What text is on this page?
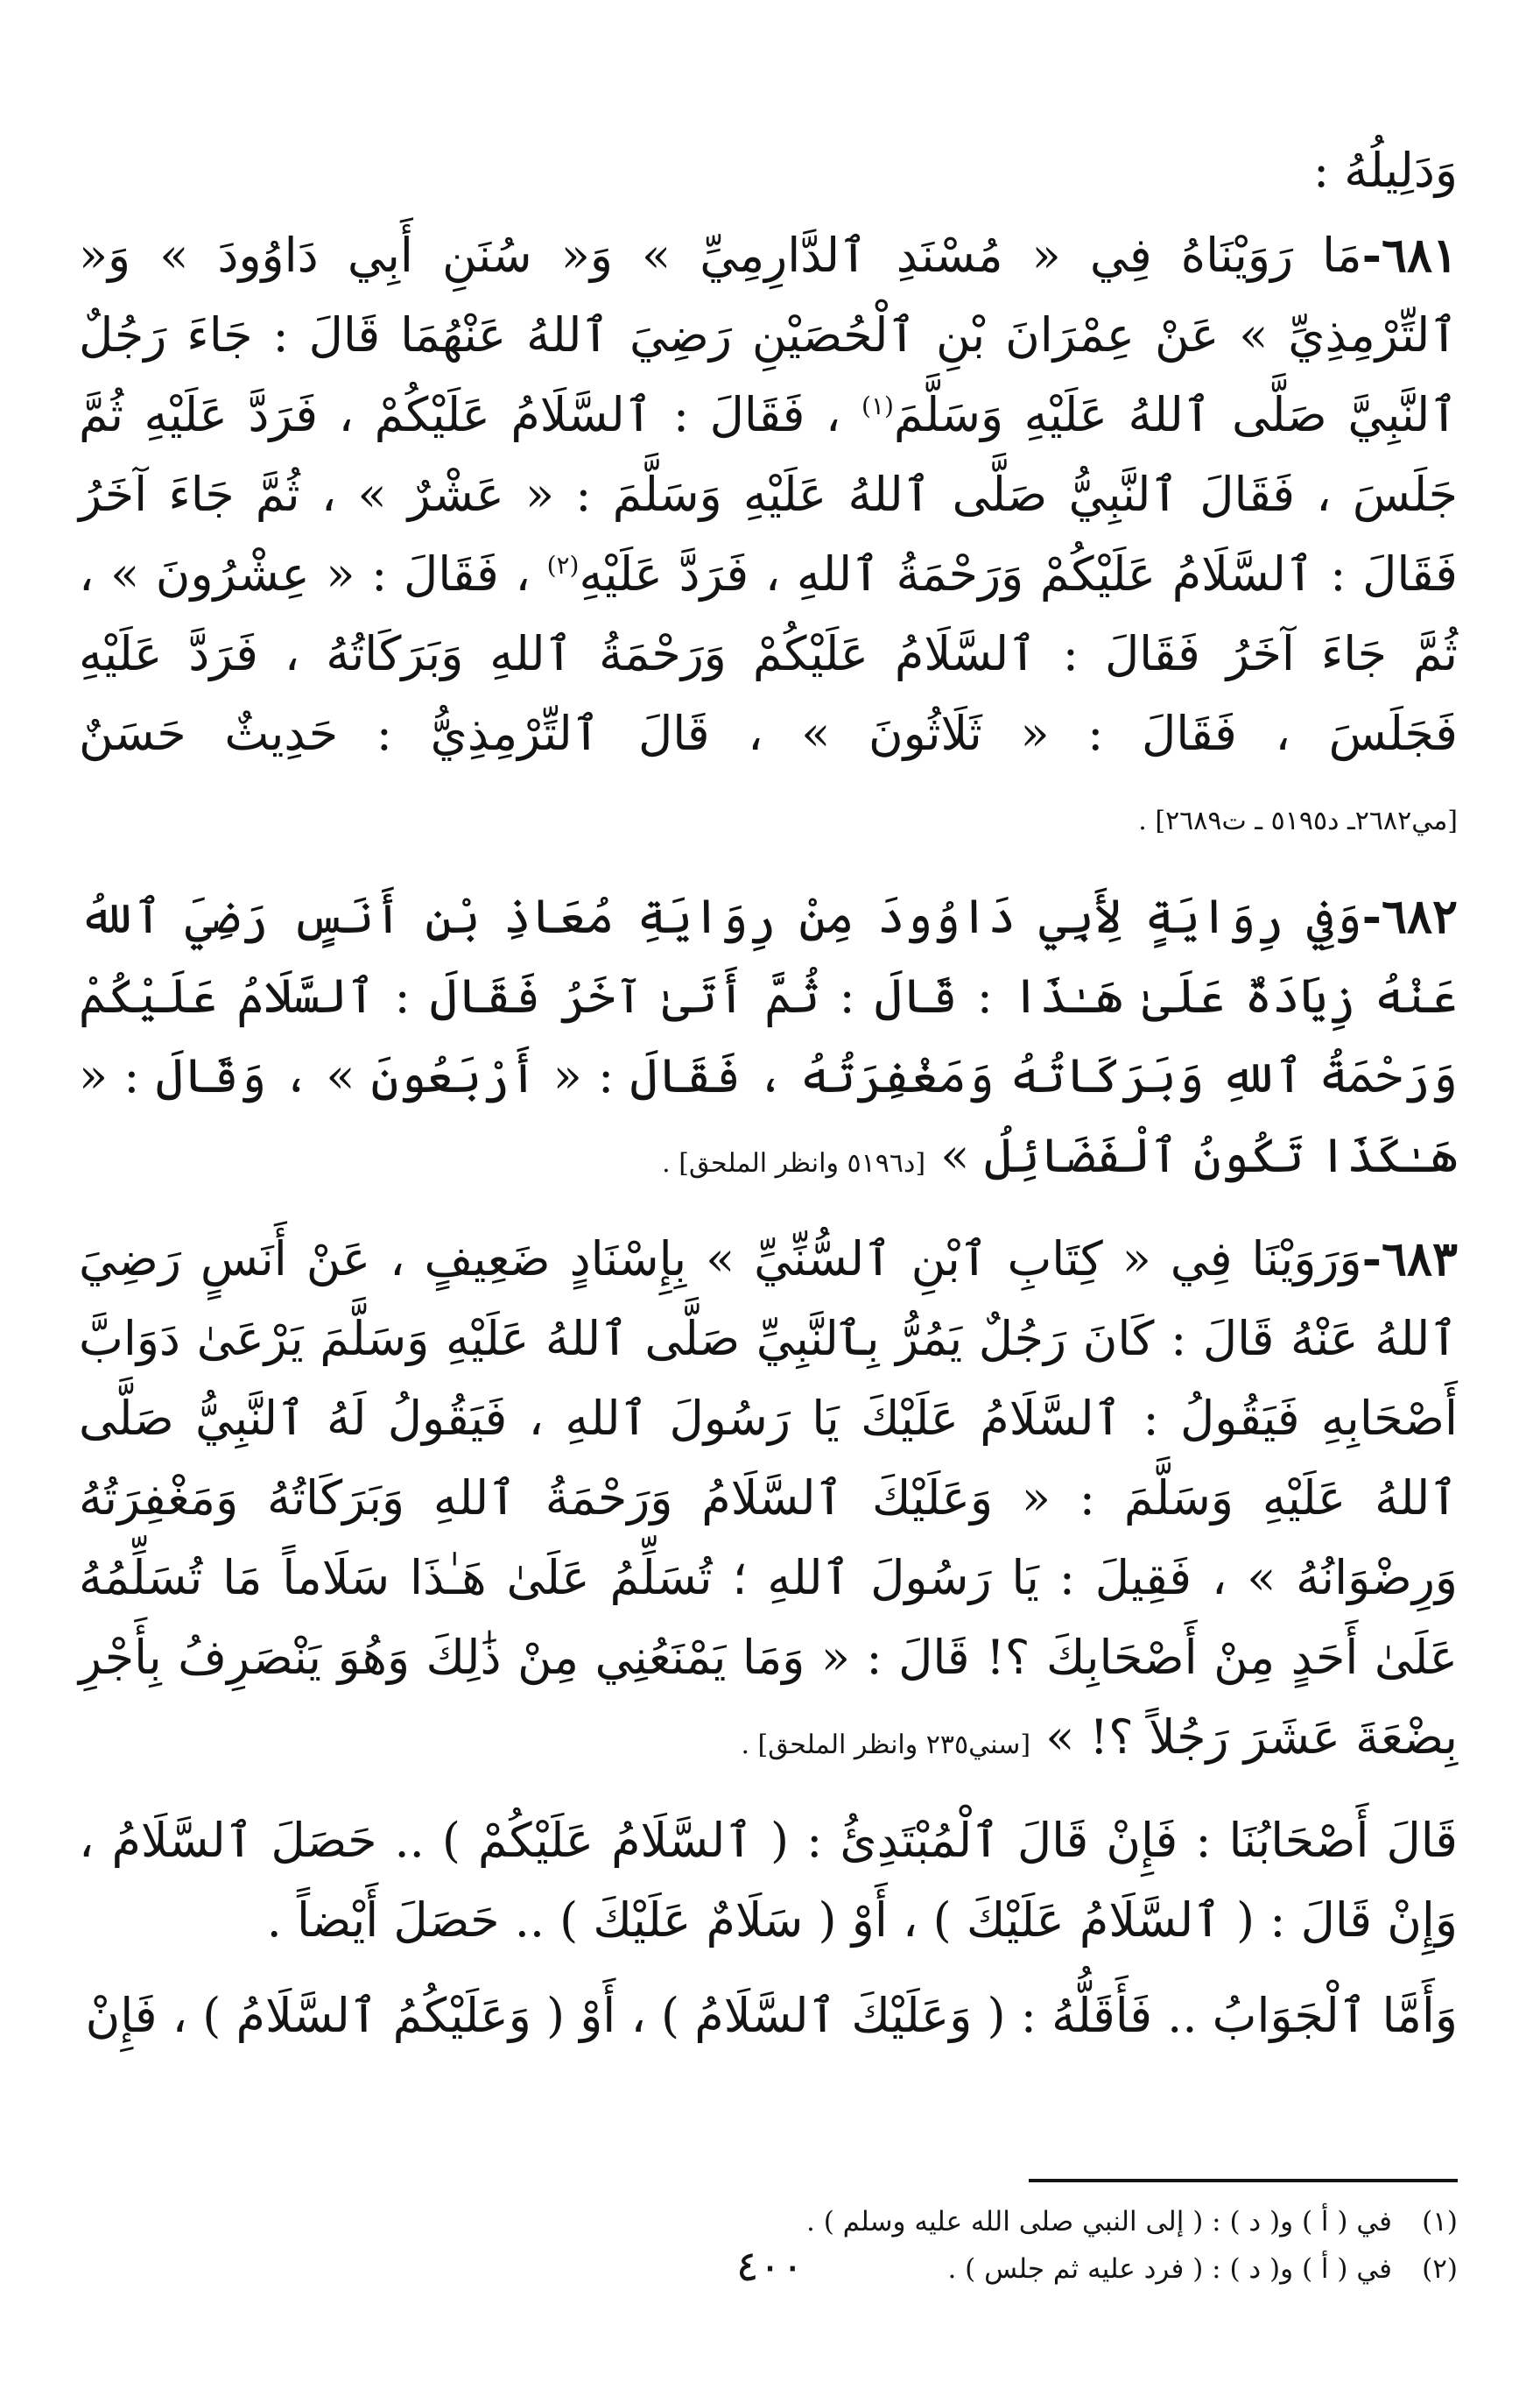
وَدَلِيلُهُ :

٦٨١-مَا رَوَيْنَاهُ فِي « مُسْنَدِ ٱلدَّارِمِيِّ » وَ« سُنَنِ أَبِي دَاوُودَ » وَ« ٱلتِّرْمِذِيِّ » عَنْ عِمْرَانَ بْنِ ٱلْحُصَيْنِ رَضِيَ ٱللهُ عَنْهُمَا قَالَ : جَاءَ رَجُلٌ ٱلنَّبِيَّ صَلَّى ٱللهُ عَلَيْهِ وَسَلَّمَ$^{(١)}$ ، فَقَالَ : ٱلسَّلَامُ عَلَيْكُمْ ، فَرَدَّ عَلَيْهِ ثُمَّ جَلَسَ ، فَقَالَ ٱلنَّبِيُّ صَلَّى ٱللهُ عَلَيْهِ وَسَلَّمَ : « عَشْرٌ » ، ثُمَّ جَاءَ آخَرُ فَقَالَ : ٱلسَّلَامُ عَلَيْكُمْ وَرَحْمَةُ ٱللهِ ، فَرَدَّ عَلَيْهِ$^{(٢)}$ ، فَقَالَ : « عِشْرُونَ » ، ثُمَّ جَاءَ آخَرُ فَقَالَ : ٱلسَّلَامُ عَلَيْكُمْ وَرَحْمَةُ ٱللهِ وَبَرَكَاتُهُ ، فَرَدَّ عَلَيْهِ فَجَلَسَ ، فَقَالَ : « ثَلَاثُونَ » ، قَالَ ٱلتِّرْمِذِيُّ : حَدِيثٌ حَسَنٌ [مي٢٦٨٢ـ د٥١٩٥ ـ ت٢٦٨٩] .

٦٨٢-وَفِي رِوَايَةٍ لِأَبِي دَاوُودَ مِنْ رِوَايَةِ مُعَاذِ بْنِ أَنَسٍ رَضِيَ ٱللهُ عَنْهُ زِيَادَةٌ عَلَىٰ هَـٰذَا : قَالَ : ثُمَّ أَتَىٰ آخَرُ فَقَالَ : ٱلسَّلَامُ عَلَيْكُمْ وَرَحْمَةُ ٱللهِ وَبَرَكَاتُهُ وَمَغْفِرَتُهُ ، فَقَالَ : « أَرْبَعُونَ » ، وَقَالَ : « هَـٰكَذَا تَكُونُ ٱلْفَضَائِلُ » [د٥١٩٦ وانظر الملحق] .

٦٨٣-وَرَوَيْنَا فِي « كِتَابِ ٱبْنِ ٱلسُّنِّيِّ » بِإِسْنَادٍ ضَعِيفٍ ، عَنْ أَنَسٍ رَضِيَ ٱللهُ عَنْهُ قَالَ : كَانَ رَجُلٌ يَمُرُّ بِٱلنَّبِيِّ صَلَّى ٱللهُ عَلَيْهِ وَسَلَّمَ يَرْعَىٰ دَوَابَّ أَصْحَابِهِ فَيَقُولُ : ٱلسَّلَامُ عَلَيْكَ يَا رَسُولَ ٱللهِ ، فَيَقُولُ لَهُ ٱلنَّبِيُّ صَلَّى ٱللهُ عَلَيْهِ وَسَلَّمَ : « وَعَلَيْكَ ٱلسَّلَامُ وَرَحْمَةُ ٱللهِ وَبَرَكَاتُهُ وَمَغْفِرَتُهُ وَرِضْوَانُهُ » ، فَقِيلَ : يَا رَسُولَ ٱللهِ ؛ تُسَلِّمُ عَلَىٰ هَـٰذَا سَلَاماً مَا تُسَلِّمُهُ عَلَىٰ أَحَدٍ مِنْ أَصْحَابِكَ ؟! قَالَ : « وَمَا يَمْنَعُنِي مِنْ ذَٰلِكَ وَهُوَ يَنْصَرِفُ بِأَجْرِ بِضْعَةَ عَشَرَ رَجُلاً ؟! » [سني٢٣٥ وانظر الملحق] .

قَالَ أَصْحَابُنَا : فَإِنْ قَالَ ٱلْمُبْتَدِئُ : ( ٱلسَّلَامُ عَلَيْكُمْ ) .. حَصَلَ ٱلسَّلَامُ ، وَإِنْ قَالَ : ( ٱلسَّلَامُ عَلَيْكَ ) ، أَوْ ( سَلَامٌ عَلَيْكَ ) .. حَصَلَ أَيْضاً .

وَأَمَّا ٱلْجَوَابُ .. فَأَقَلُّهُ : ( وَعَلَيْكَ ٱلسَّلَامُ ) ، أَوْ ( وَعَلَيْكُمُ ٱلسَّلَامُ ) ، فَإِنْ

(١)
في ( أ ) و( د ) : ( إلى النبي صلى الله عليه وسلم ) .
(٢)
في ( أ ) و( د ) : ( فرد عليه ثم جلس ) .
٤٠٠
